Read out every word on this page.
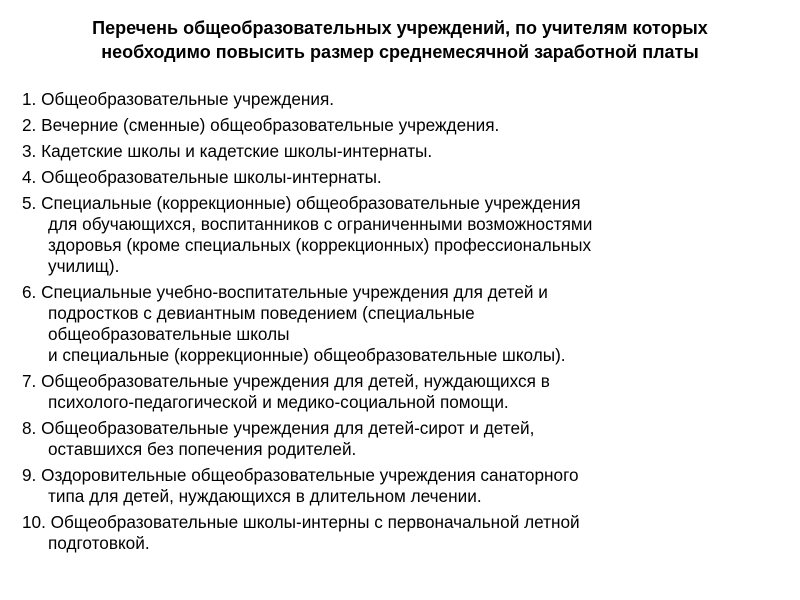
Перечень общеобразовательных учреждений, по учителям которых
необходимо повысить размер среднемесячной заработной платы
1. Общеобразовательные учреждения.
2. Вечерние (сменные) общеобразовательные учреждения.
3. Кадетские школы и кадетские школы-интернаты.
4. Общеобразовательные школы-интернаты.
5. Специальные (коррекционные) общеобразовательные учреждения
для обучающихся, воспитанников с ограниченными возможностями
здоровья (кроме специальных (коррекционных) профессиональных
училищ).
6. Специальные учебно-воспитательные учреждения для детей и
подростков с девиантным поведением (специальные
общеобразовательные школы
и специальные (коррекционные) общеобразовательные школы).
7. Общеобразовательные учреждения для детей, нуждающихся в
психолого-педагогической и медико-социальной помощи.
8. Общеобразовательные учреждения для детей-сирот и детей,
оставшихся без попечения родителей.
9. Оздоровительные общеобразовательные учреждения санаторного
типа для детей, нуждающихся в длительном лечении.
10. Общеобразовательные школы-интерны с первоначальной летной
подготовкой.
